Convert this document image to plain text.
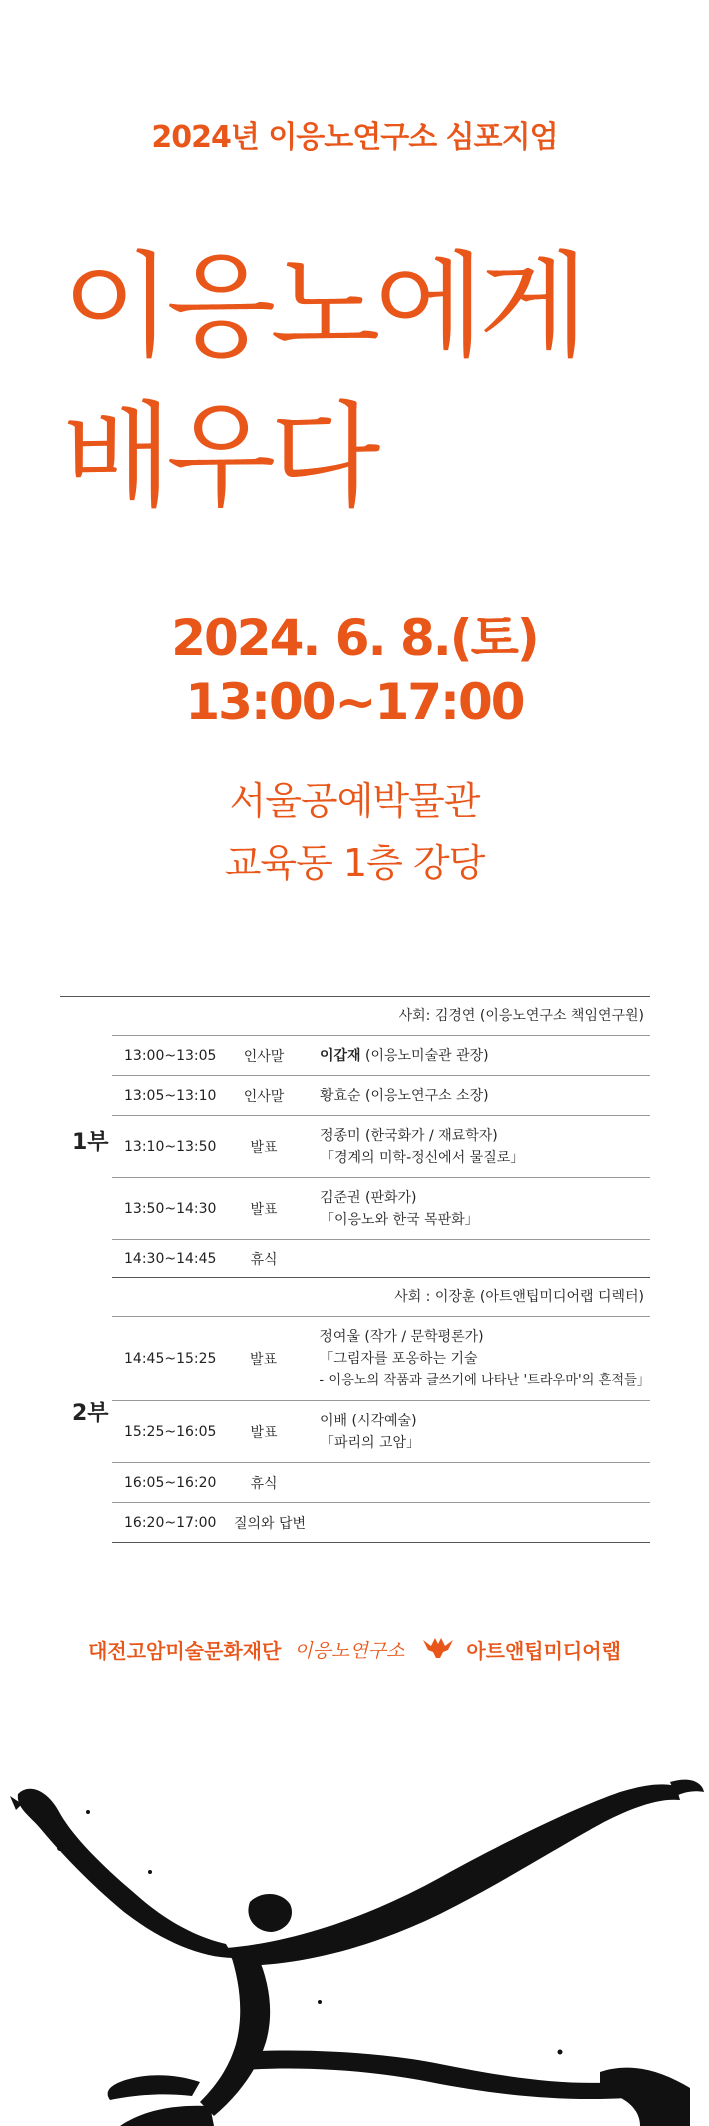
2024년 이응노연구소 심포지엄
이응노에게
배우다
2024. 6. 8.(토)
13:00~17:00
서울공예박물관
교육동 1층 강당
1부
사회: 김경연 (이응노연구소 책임연구원)
13:00~13:05	인사말	이갑재 (이응노미술관 관장)
13:05~13:10	인사말	황효순 (이응노연구소 소장)
13:10~13:50	발표
정종미 (한국화가 / 재료학자)
「경계의 미학-정신에서 물질로」
13:50~14:30	발표
김준권 (판화가)
「이응노와 한국 목판화」
14:30~14:45	휴식
2부
사회 : 이장훈 (아트앤팁미디어랩 디렉터)
14:45~15:25	발표
정여울 (작가 / 문학평론가)
「그림자를 포옹하는 기술
- 이응노의 작품과 글쓰기에 나타난 '트라우마'의 흔적들」
15:25~16:05	발표
이배 (시각예술)
「파리의 고암」
16:05~16:20	휴식
16:20~17:00	질의와 답변
대전고암미술문화재단 이응노연구소	아트앤팁미디어랩
